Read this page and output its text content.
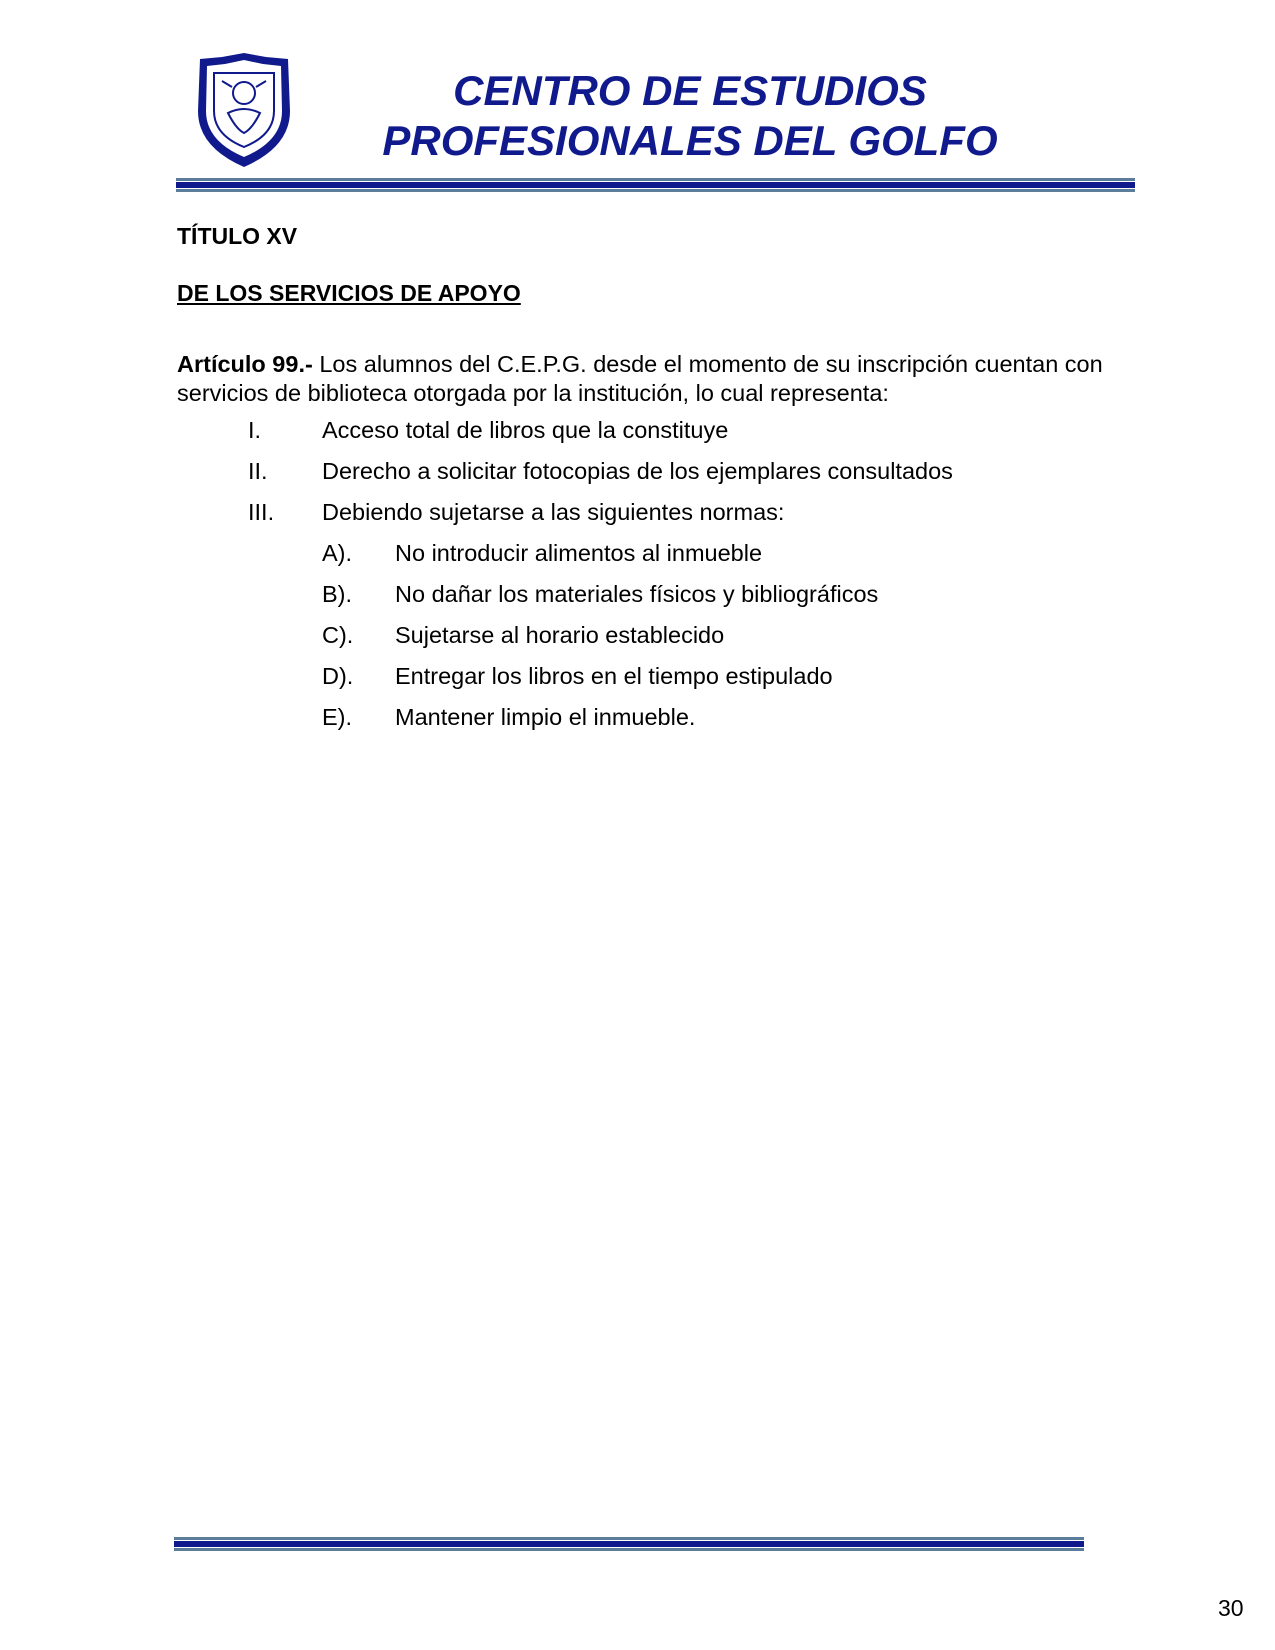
CENTRO DE ESTUDIOS
PROFESIONALES DEL GOLFO
TÍTULO XV
DE LOS SERVICIOS DE APOYO

Artículo 99.- Los alumnos del C.E.P.G. desde el momento de su inscripción cuentan con servicios de biblioteca otorgada por la institución, lo cual representa:

I.	Acceso total de libros que la constituye
II. Derecho a solicitar fotocopias de los ejemplares consultados
III. Debiendo sujetarse a las siguientes normas:
A). No introducir alimentos al inmueble
B). No dañar los materiales físicos y bibliográficos
C). Sujetarse al horario establecido
D). Entregar los libros en el tiempo estipulado
E). Mantener limpio el inmueble.
30
